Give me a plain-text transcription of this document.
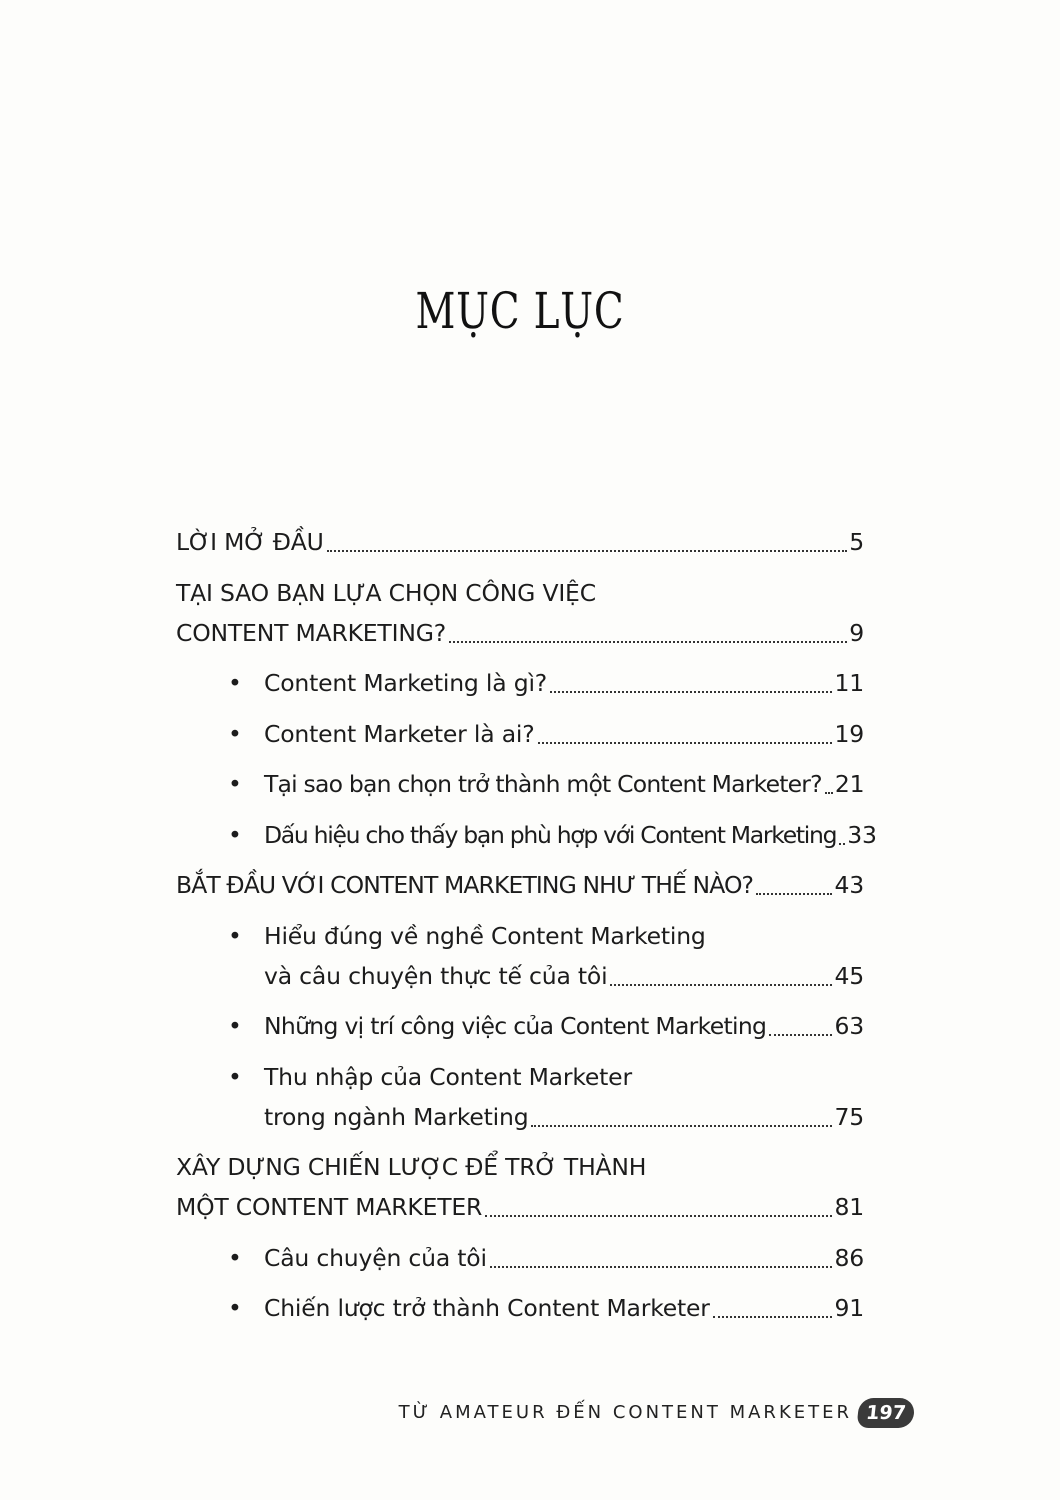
MỤC LỤC
LỜI MỞ ĐẦU	5
TẠI SAO BẠN LỰA CHỌN CÔNG VIỆC
CONTENT MARKETING?	9
• Content Marketing là gì?	11
• Content Marketer là ai?	19
• Tại sao bạn chọn trở thành một Content Marketer? 21
• Dấu hiệu cho thấy bạn phù hợp với Content Marketing 33
BẮT ĐẦU VỚI CONTENT MARKETING NHƯ THẾ NÀO?	43
• Hiểu đúng về nghề Content Marketing
và câu chuyện thực tế của tôi	45
• Những vị trí công việc của Content Marketing	63
• Thu nhập của Content Marketer
trong ngành Marketing	75
XÂY DỰNG CHIẾN LƯỢC ĐỂ TRỞ THÀNH
MỘT CONTENT MARKETER	81
• Câu chuyện của tôi	86
• Chiến lược trở thành Content Marketer	91
TỪ AMATEUR ĐẾN CONTENT MARKETER 197
